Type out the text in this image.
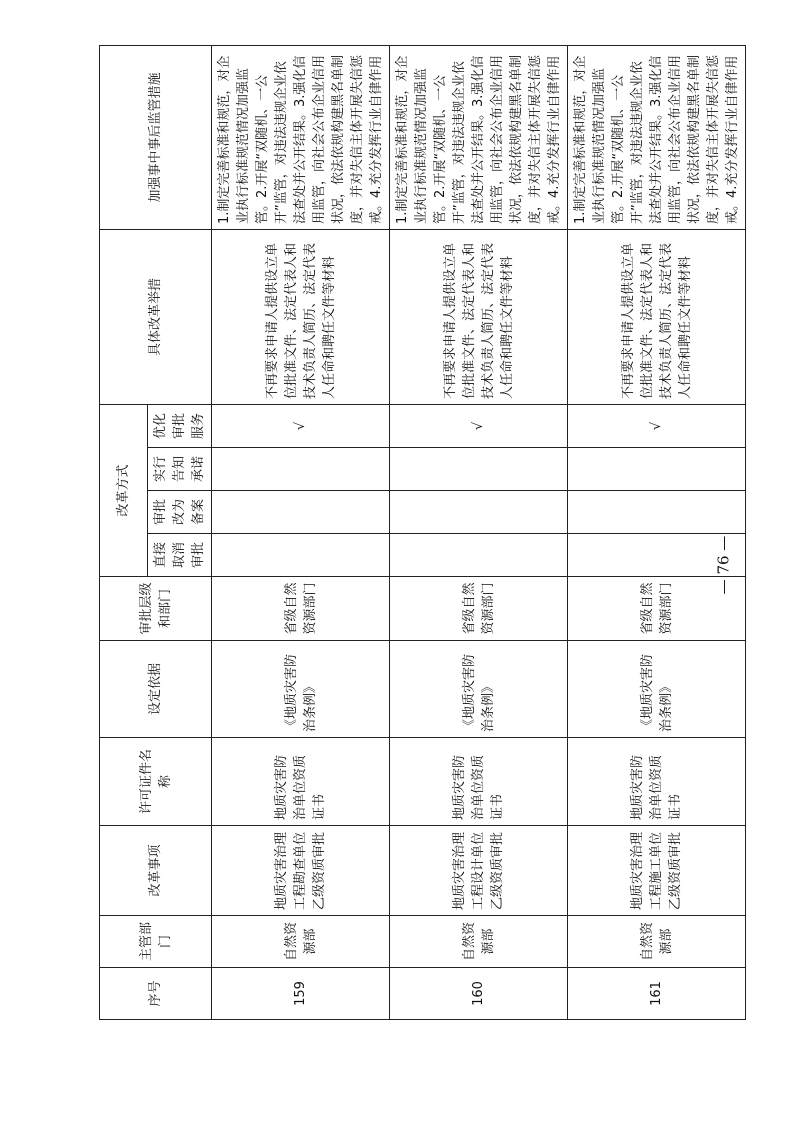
序号	主管部门	改革事项	许可证件名称	设定依据	审批层级和部门	改革方式				具体改革举措	加强事中事后监管措施
						直接取消审批	审批改为备案	实行告知承诺	优化审批服务		
159	自然资源部	地质灾害治理工程勘查单位乙级资质审批	地质灾害防治单位资质证书	《地质灾害防治条例》	省级自然资源部门				√	不再要求申请人提供设立单位批准文件、法定代表人和技术负责人简历、法定代表人任命和聘任文件等材料	1.制定完善标准和规范，对企业执行标准规范情况加强监管。2.开展“双随机、一公开”监管，对违法违规企业依法查处并公开结果。3.强化信用监管，向社会公布企业信用状况，依法依规构建黑名单制度，并对失信主体开展失信惩戒。4.充分发挥行业自律作用
160	自然资源部	地质灾害治理工程设计单位乙级资质审批	地质灾害防治单位资质证书	《地质灾害防治条例》	省级自然资源部门				√	不再要求申请人提供设立单位批准文件、法定代表人和技术负责人简历、法定代表人任命和聘任文件等材料	1.制定完善标准和规范，对企业执行标准规范情况加强监管。2.开展“双随机、一公开”监管，对违法违规企业依法查处并公开结果。3.强化信用监管，向社会公布企业信用状况，依法依规构建黑名单制度，并对失信主体开展失信惩戒。4.充分发挥行业自律作用
161	自然资源部	地质灾害治理工程施工单位乙级资质审批	地质灾害防治单位资质证书	《地质灾害防治条例》	省级自然资源部门				√	不再要求申请人提供设立单位批准文件、法定代表人和技术负责人简历、法定代表人任命和聘任文件等材料	1.制定完善标准和规范，对企业执行标准规范情况加强监管。2.开展“双随机、一公开”监管，对违法违规企业依法查处并公开结果。3.强化信用监管，向社会公布企业信用状况，依法依规构建黑名单制度，并对失信主体开展失信惩戒。4.充分发挥行业自律作用
— 76 —
